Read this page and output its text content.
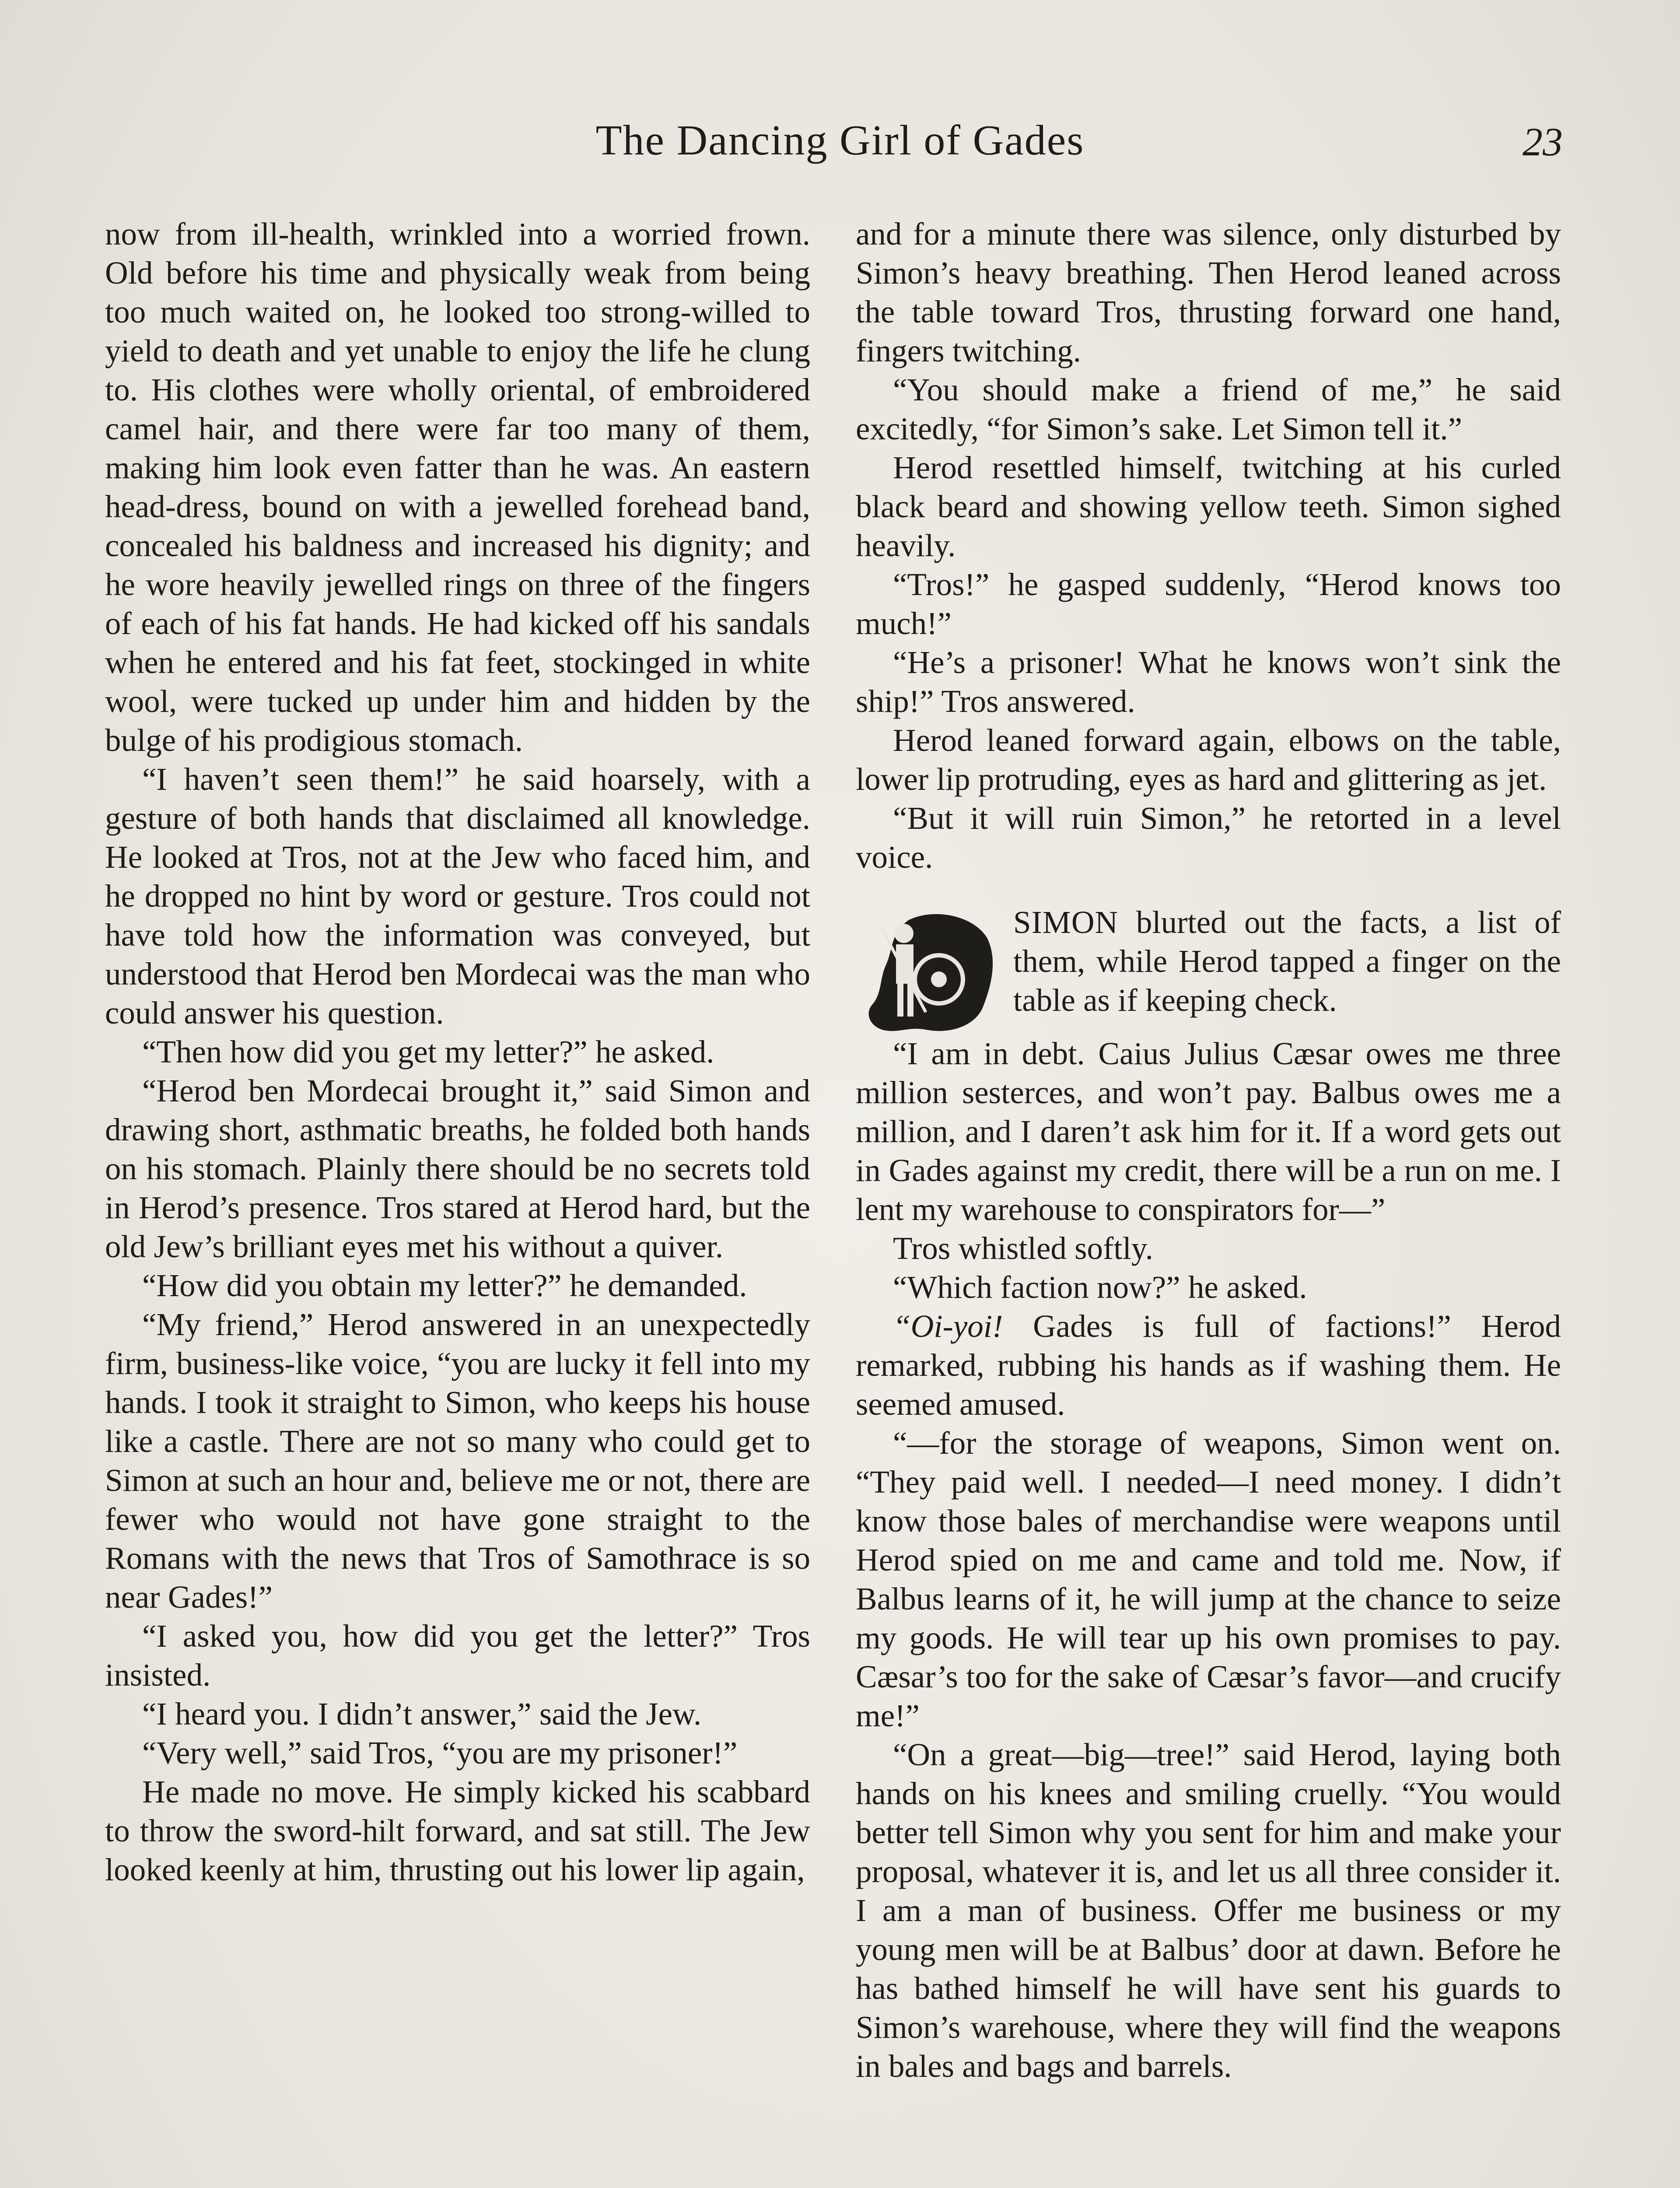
The Dancing Girl of Gades	23

now from ill-health, wrinkled into a worried frown. Old before his time and physically weak from being too much waited on, he looked too strong-willed to yield to death and yet unable to enjoy the life he clung to. His clothes were wholly oriental, of embroidered camel hair, and there were far too many of them, making him look even fatter than he was. An eastern head-dress, bound on with a jewelled forehead band, concealed his baldness and increased his dignity; and he wore heavily jewelled rings on three of the fingers of each of his fat hands. He had kicked off his sandals when he entered and his fat feet, stockinged in white wool, were tucked up under him and hidden by the bulge of his prodigious stomach.

“I haven’t seen them!” he said hoarsely, with a gesture of both hands that disclaimed all knowledge. He looked at Tros, not at the Jew who faced him, and he dropped no hint by word or gesture. Tros could not have told how the information was conveyed, but understood that Herod ben Mordecai was the man who could answer his question.

“Then how did you get my letter?” he asked.

“Herod ben Mordecai brought it,” said Simon and drawing short, asthmatic breaths, he folded both hands on his stomach. Plainly there should be no secrets told in Herod’s presence. Tros stared at Herod hard, but the old Jew’s brilliant eyes met his without a quiver.

“How did you obtain my letter?” he demanded.

“My friend,” Herod answered in an unexpectedly firm, business-like voice, “you are lucky it fell into my hands. I took it straight to Simon, who keeps his house like a castle. There are not so many who could get to Simon at such an hour and, believe me or not, there are fewer who would not have gone straight to the Romans with the news that Tros of Samothrace is so near Gades!”

“I asked you, how did you get the letter?” Tros insisted.

“I heard you. I didn’t answer,” said the Jew.

“Very well,” said Tros, “you are my prisoner!”

He made no move. He simply kicked his scabbard to throw the sword-hilt forward, and sat still. The Jew looked keenly at him, thrusting out his lower lip again,

and for a minute there was silence, only disturbed by Simon’s heavy breathing. Then Herod leaned across the table toward Tros, thrusting forward one hand, fingers twitching.

“You should make a friend of me,” he said excitedly, “for Simon’s sake. Let Simon tell it.”

Herod resettled himself, twitching at his curled black beard and showing yellow teeth. Simon sighed heavily.

“Tros!” he gasped suddenly, “Herod knows too much!”

“He’s a prisoner! What he knows won’t sink the ship!” Tros answered.

Herod leaned forward again, elbows on the table, lower lip protruding, eyes as hard and glittering as jet.

“But it will ruin Simon,” he retorted in a level voice.

SIMON blurted out the facts, a list of them, while Herod tapped a finger on the table as if keeping check.

“I am in debt. Caius Julius Cæsar owes me three million sesterces, and won’t pay. Balbus owes me a million, and I daren’t ask him for it. If a word gets out in Gades against my credit, there will be a run on me. I lent my warehouse to conspirators for—”

Tros whistled softly.

“Which faction now?” he asked.

“Oi-yoi! Gades is full of factions!” Herod remarked, rubbing his hands as if washing them. He seemed amused.

“—for the storage of weapons, Simon went on. “They paid well. I needed—I need money. I didn’t know those bales of merchandise were weapons until Herod spied on me and came and told me. Now, if Balbus learns of it, he will jump at the chance to seize my goods. He will tear up his own promises to pay. Cæsar’s too for the sake of Cæsar’s favor—and crucify me!”

“On a great—big—tree!” said Herod, laying both hands on his knees and smiling cruelly. “You would better tell Simon why you sent for him and make your proposal, whatever it is, and let us all three consider it. I am a man of business. Offer me business or my young men will be at Balbus’ door at dawn. Before he has bathed himself he will have sent his guards to Simon’s warehouse, where they will find the weapons in bales and bags and barrels.
